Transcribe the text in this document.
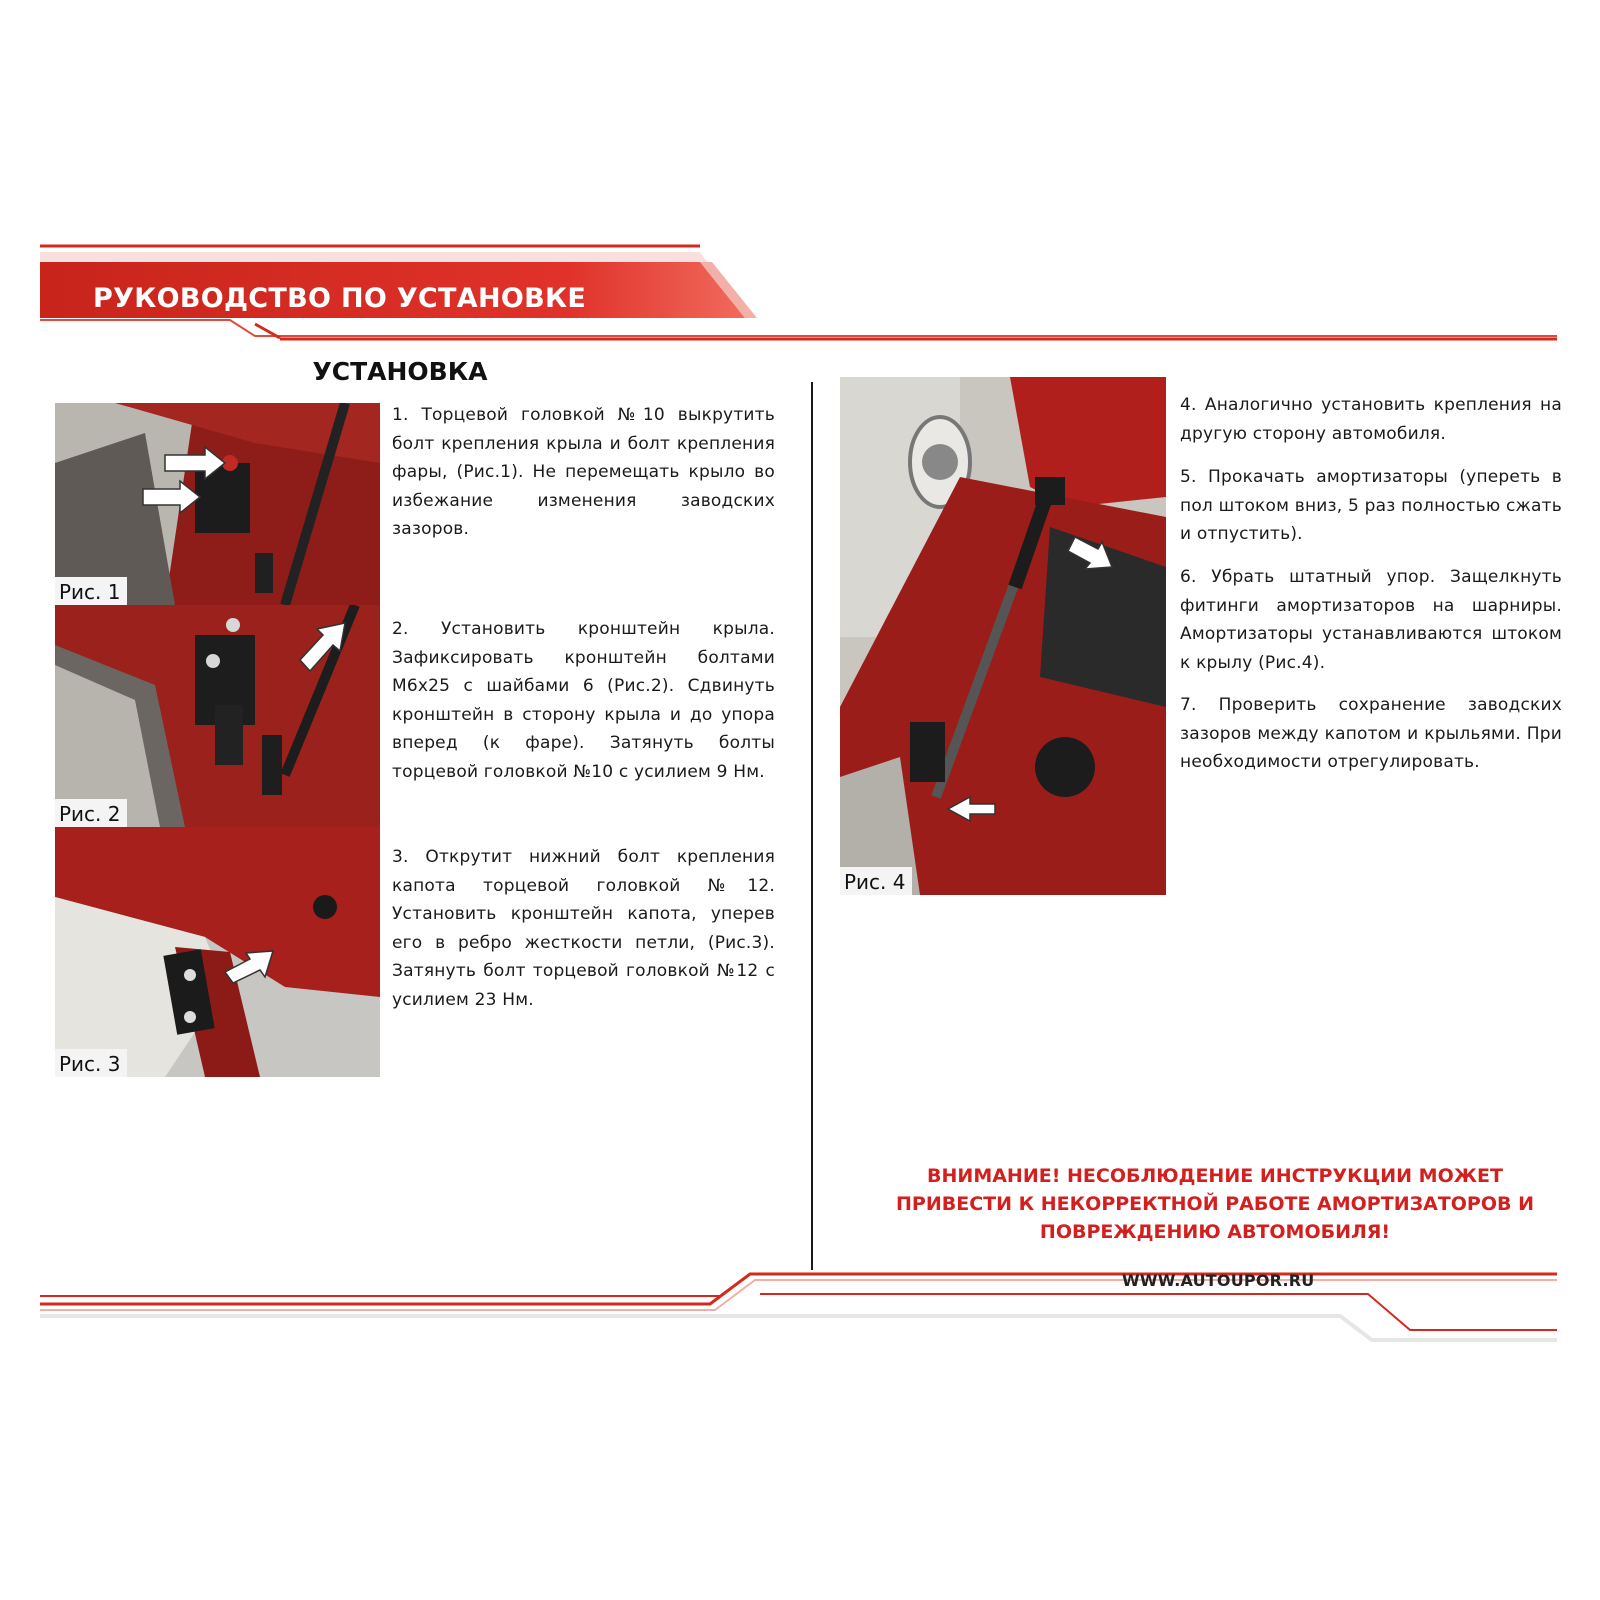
РУКОВОДСТВО ПО УСТАНОВКЕ
УСТАНОВКА
Рис. 1
Рис. 2
Рис. 3
Рис. 4
1. Торцевой головкой №10 выкрутить болт крепления крыла и болт крепления фары, (Рис.1). Не перемещать крыло во избежание изменения заводских зазоров.
2. Установить кронштейн крыла. Зафиксировать кронштейн болтами М6х25 с шайбами 6 (Рис.2). Сдвинуть кронштейн в сторону крыла и до упора вперед (к фаре). Затянуть болты торцевой головкой №10 с усилием 9 Нм.
3. Открутит нижний болт крепления капота торцевой головкой №12. Установить кронштейн капота, уперев его в ребро жесткости петли, (Рис.3). Затянуть болт торцевой головкой №12 с усилием 23 Нм.
4. Аналогично установить крепления на другую сторону автомобиля.
5. Прокачать амортизаторы (упереть в пол штоком вниз, 5 раз полностью сжать и отпустить).
6. Убрать штатный упор. Защелкнуть фитинги амортизаторов на шарниры. Амортизаторы устанавливаются штоком к крылу (Рис.4).
7. Проверить сохранение заводских зазоров между капотом и крыльями. При необходимости отрегулировать.
ВНИМАНИЕ! НЕСОБЛЮДЕНИЕ ИНСТРУКЦИИ МОЖЕТ ПРИВЕСТИ К НЕКОРРЕКТНОЙ РАБОТЕ АМОРТИЗАТОРОВ И ПОВРЕЖДЕНИЮ АВТОМОБИЛЯ!
WWW.AUTOUPOR.RU
